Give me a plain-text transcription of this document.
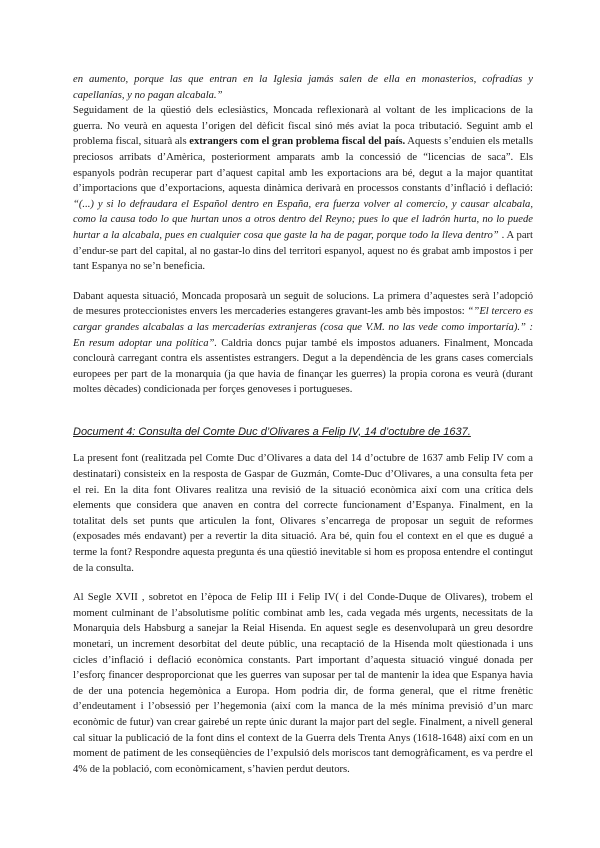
en aumento, porque las que entran en la Iglesia jamás salen de ella en monasterios, cofradías y capellanías, y no pagan alcabala.”

Seguidament de la qüestió dels eclesiàstics, Moncada reflexionarà al voltant de les implicacions de la guerra. No veurà en aquesta l’origen del dèficit fiscal sinó més aviat la poca tributació. Seguint amb el problema fiscal, situarà als extrangers com el gran problema fiscal del país. Aquests s’enduien els metalls preciosos arribats d’Amèrica, posteriorment amparats amb la concessió de “licencias de saca”. Els espanyols podràn recuperar part d’aquest capital amb les exportacions ara bé, degut a la major quantitat d’importacions que d’exportacions, aquesta dinàmica derivarà en processos constants d’inflació i deflació: “(...) y si lo defraudara el Español dentro en España, era fuerza volver al comercio, y causar alcabala, como la causa todo lo que hurtan unos a otros dentro del Reyno; pues lo que el ladrón hurta, no lo puede hurtar a la alcabala, pues en cualquier cosa que gaste la ha de pagar, porque todo la lleva dentro” . A part d’endur-se part del capital, al no gastar-lo dins del territori espanyol, aquest no és grabat amb impostos i per tant Espanya no se’n beneficia.

Dabant aquesta situació, Moncada proposarà un seguit de solucions. La primera d’aquestes serà l’adopció de mesures proteccionistes envers les mercaderies estangeres gravant-les amb bès impostos: “”El tercero es cargar grandes alcabalas a las mercaderías extranjeras (cosa que V.M. no las vede como importaría).” : En resum adoptar una política”. Caldria doncs pujar també els impostos aduaners. Finalment, Moncada conclourà carregant contra els assentistes estrangers. Degut a la dependència de les grans cases comercials europees per part de la monarquia (ja que havia de finançar les guerres) la propia corona es veurà (durant moltes dècades) condicionada per forçes genoveses i portugueses.

Document 4: Consulta del Comte Duc d’Olivares a Felip IV, 14 d’octubre de 1637.

La present font (realitzada pel Comte Duc d’Olivares a data del 14 d’octubre de 1637 amb Felip IV com a destinatari) consisteix en la resposta de Gaspar de Guzmán, Comte-Duc d’Olivares, a una consulta feta per el rei. En la dita font Olivares realitza una revisió de la situació econòmica així com una crítica dels elements que considera que anaven en contra del correcte funcionament d’Espanya. Finalment, en la totalitat dels set punts que articulen la font, Olivares s’encarrega de proposar un seguit de reformes (exposades més endavant) per a revertir la dita situació. Ara bé, quin fou el context en el que es dugué a terme la font? Respondre aquesta pregunta és una qüestió inevitable si hom es proposa entendre el contingut de la consulta.

Al Segle XVII , sobretot en l’època de Felip III i Felip IV( i del Conde-Duque de Olivares), trobem el moment culminant de l’absolutisme polític combinat amb les, cada vegada més urgents, necessitats de la Monarquia dels Habsburg a sanejar la Reial Hisenda. En aquest segle es desenvoluparà un greu desordre monetari, un increment desorbitat del deute públic, una recaptació de la Hisenda molt qüestionada i uns cicles d’inflació i deflació econòmica constants. Part important d’aquesta situació vingué donada per l’esforç financer desproporcionat que les guerres van suposar per tal de mantenir la idea que Espanya havia de der una potencia hegemònica a Europa. Hom podria dir, de forma general, que el ritme frenètic d’endeutament i l’obsessió per l’hegemonia (així com la manca de la més mínima previsió d’un marc econòmic de futur) van crear gairebé un repte únic durant la major part del segle. Finalment, a nivell general cal situar la publicació de la font dins el context de la Guerra dels Trenta Anys (1618-1648) així com en un moment de patiment de les conseqüències de l’expulsió dels moriscos tant demogràficament, es va perdre el 4% de la població, com econòmicament, s’havien perdut deutors.
